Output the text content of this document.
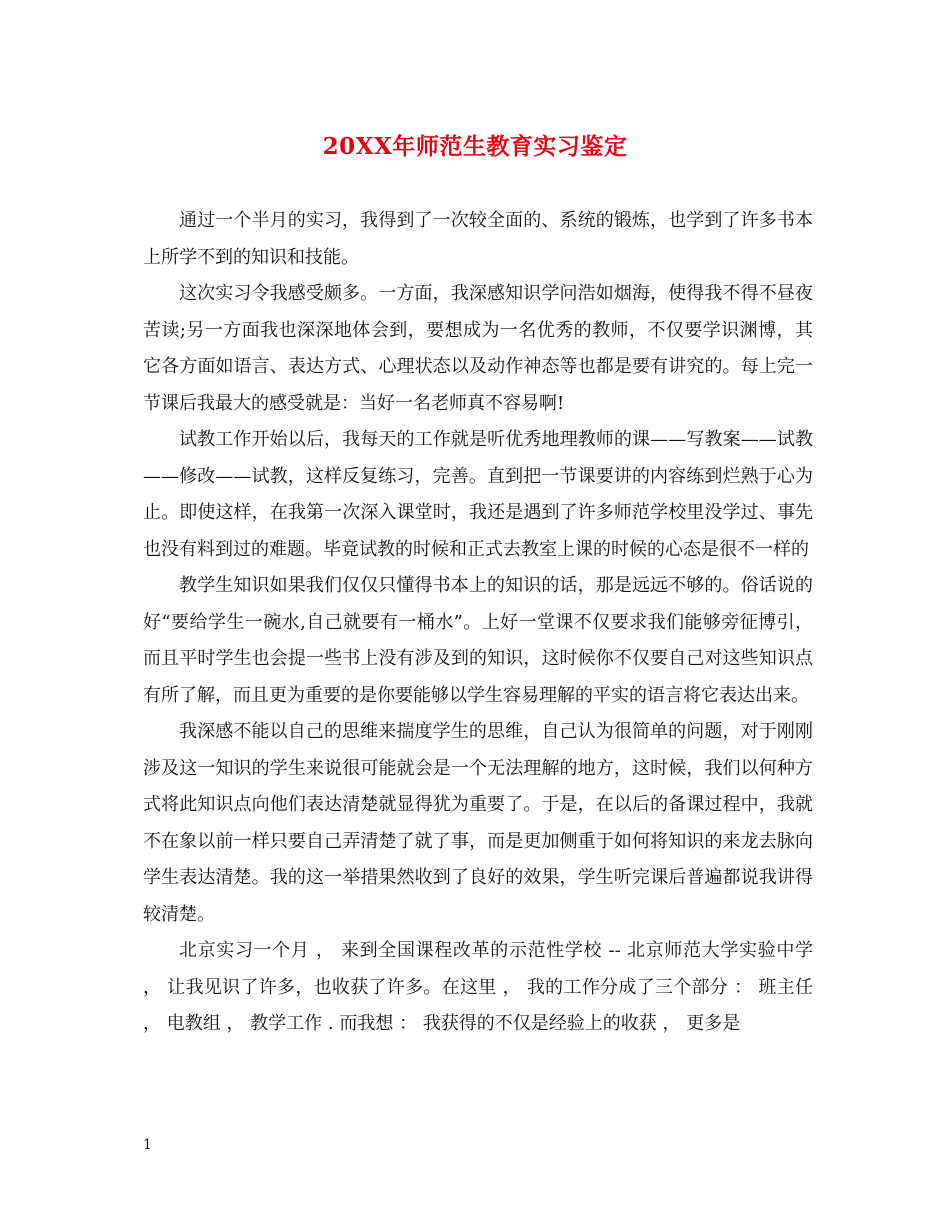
20XX年师范生教育实习鉴定

通过一个半月的实习，我得到了一次较全面的、系统的锻炼，也学到了许多书本上所学不到的知识和技能。

这次实习令我感受颇多。一方面，我深感知识学问浩如烟海，使得我不得不昼夜苦读;另一方面我也深深地体会到，要想成为一名优秀的教师，不仅要学识渊博，其它各方面如语言、表达方式、心理状态以及动作神态等也都是要有讲究的。每上完一节课后我最大的感受就是：当好一名老师真不容易啊!

试教工作开始以后，我每天的工作就是听优秀地理教师的课——写教案——试教——修改——试教，这样反复练习，完善。直到把一节课要讲的内容练到烂熟于心为止。即使这样，在我第一次深入课堂时，我还是遇到了许多师范学校里没学过、事先也没有料到过的难题。毕竟试教的时候和正式去教室上课的时候的心态是很不一样的

教学生知识如果我们仅仅只懂得书本上的知识的话，那是远远不够的。俗话说的好“要给学生一碗水,自己就要有一桶水”。上好一堂课不仅要求我们能够旁征博引，而且平时学生也会提一些书上没有涉及到的知识，这时候你不仅要自己对这些知识点有所了解，而且更为重要的是你要能够以学生容易理解的平实的语言将它表达出来。

我深感不能以自己的思维来揣度学生的思维，自己认为很简单的问题，对于刚刚涉及这一知识的学生来说很可能就会是一个无法理解的地方，这时候，我们以何种方式将此知识点向他们表达清楚就显得犹为重要了。于是，在以后的备课过程中，我就不在象以前一样只要自己弄清楚了就了事，而是更加侧重于如何将知识的来龙去脉向学生表达清楚。我的这一举措果然收到了良好的效果，学生听完课后普遍都说我讲得较清楚。

北京实习一个月 ， 来到全国课程改革的示范性学校 -- 北京师范大学实验中学 ， 让我见识了许多，也收获了许多。在这里 ， 我的工作分成了三个部分 ： 班主任 ， 电教组 ， 教学工作 . 而我想 ： 我获得的不仅是经验上的收获 ， 更多是

1
